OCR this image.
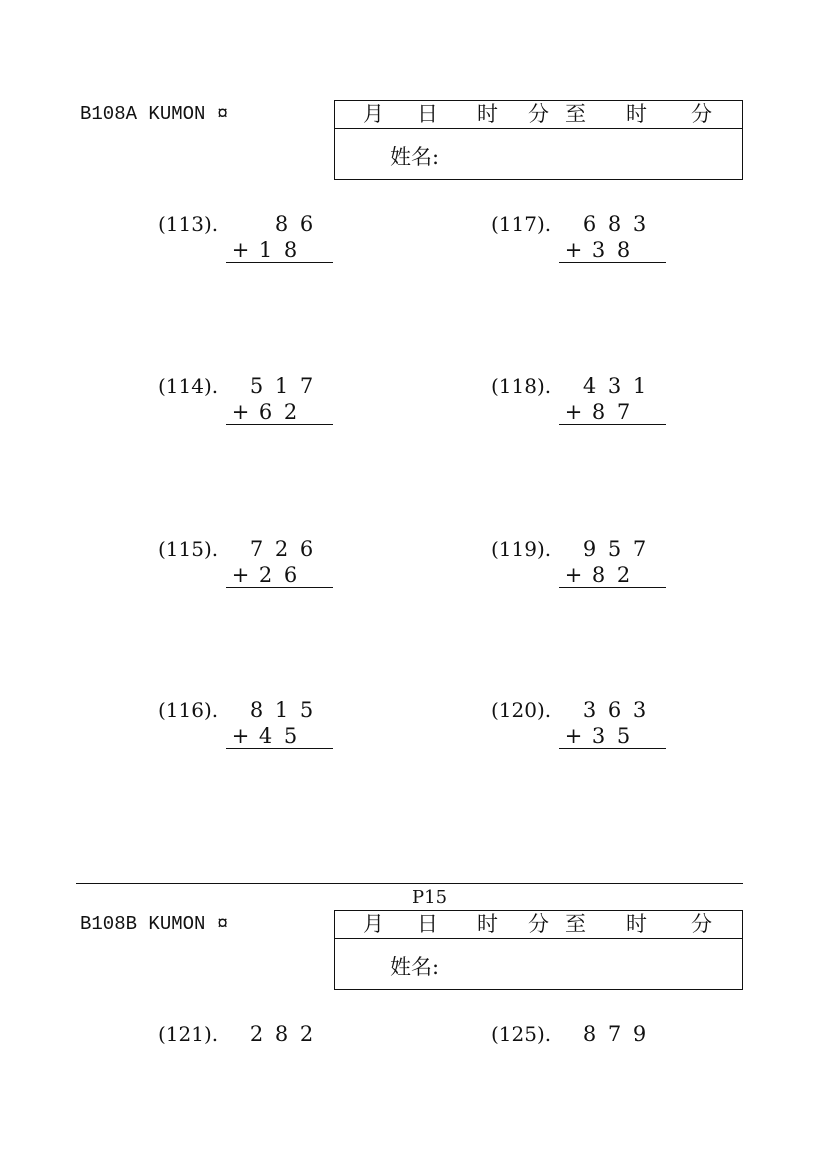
B108A KUMON ¤	月 日 时 分 至 时 分
姓名:
(113).	8 6
+ 1 8
(114). 5 1 7
+ 6 2
(115). 7 2 6
+ 2 6
(116). 8 1 5
+ 4 5
(117). 6 8 3
+ 3 8
(118). 4 3 1
+ 8 7
(119). 9 5 7
+ 8 2
(120). 3 6 3
+ 3 5
P15
B108B KUMON ¤	月 日 时 分 至 时 分
姓名:
(121). 2 8 2	(125). 8 7 9
